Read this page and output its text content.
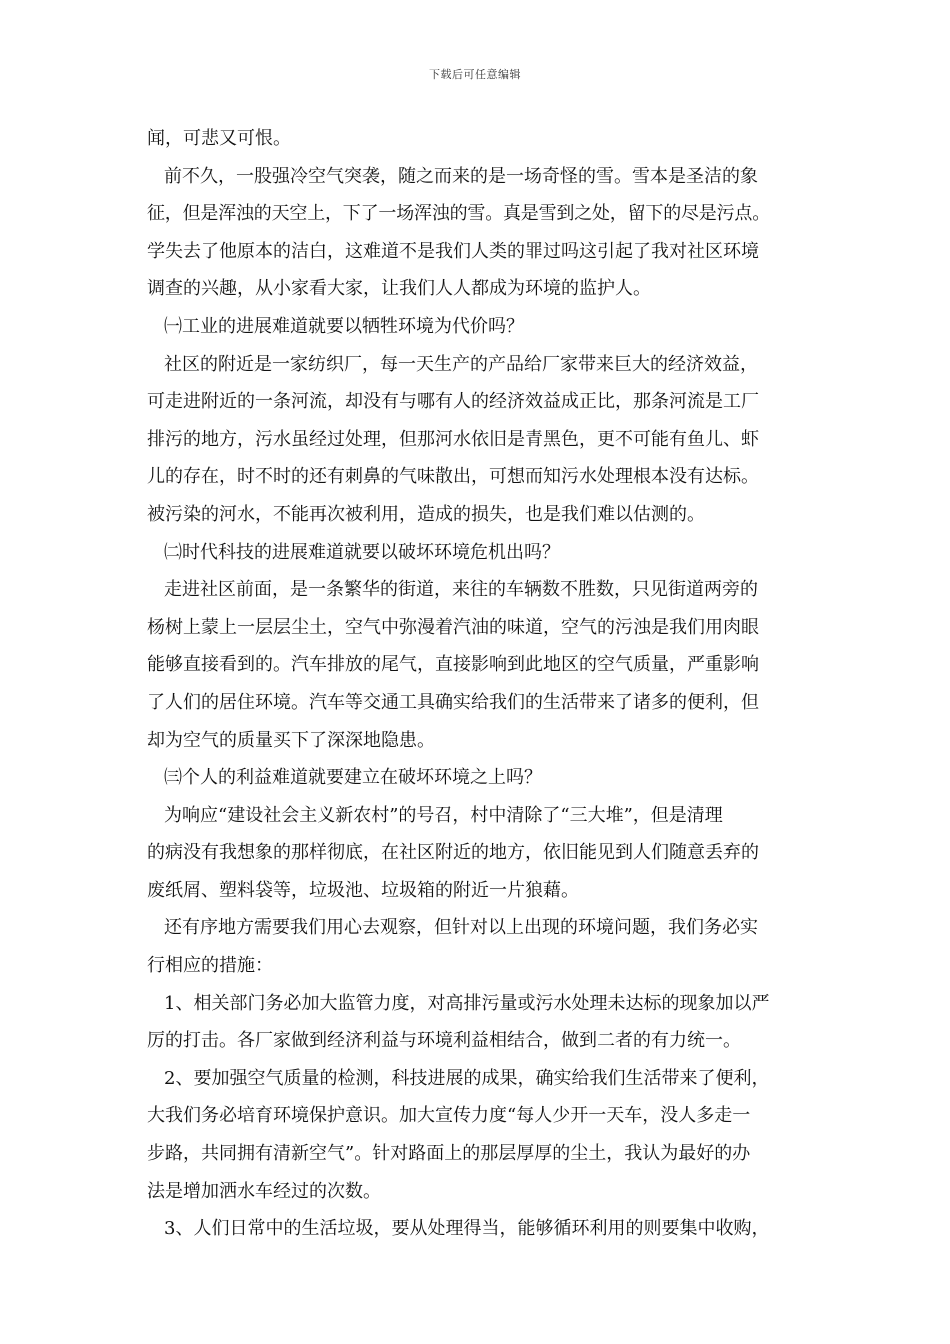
下载后可任意编辑
闻，可悲又可恨。
前不久，一股强冷空气突袭，随之而来的是一场奇怪的雪。雪本是圣洁的象
征，但是浑浊的天空上，下了一场浑浊的雪。真是雪到之处，留下的尽是污点。
学失去了他原本的洁白，这难道不是我们人类的罪过吗这引起了我对社区环境
调查的兴趣，从小家看大家，让我们人人都成为环境的监护人。
㈠工业的进展难道就要以牺牲环境为代价吗？
社区的附近是一家纺织厂，每一天生产的产品给厂家带来巨大的经济效益，
可走进附近的一条河流，却没有与哪有人的经济效益成正比，那条河流是工厂
排污的地方，污水虽经过处理，但那河水依旧是青黑色，更不可能有鱼儿、虾
儿的存在，时不时的还有刺鼻的气味散出，可想而知污水处理根本没有达标。
被污染的河水，不能再次被利用，造成的损失，也是我们难以估测的。
㈡时代科技的进展难道就要以破坏环境危机出吗？
走进社区前面，是一条繁华的街道，来往的车辆数不胜数，只见街道两旁的
杨树上蒙上一层层尘土，空气中弥漫着汽油的味道，空气的污浊是我们用肉眼
能够直接看到的。汽车排放的尾气，直接影响到此地区的空气质量，严重影响
了人们的居住环境。汽车等交通工具确实给我们的生活带来了诸多的便利，但
却为空气的质量买下了深深地隐患。
㈢个人的利益难道就要建立在破坏环境之上吗？
为响应“建设社会主义新农村”的号召，村中清除了“三大堆”，但是清理
的病没有我想象的那样彻底，在社区附近的地方，依旧能见到人们随意丢弃的
废纸屑、塑料袋等，垃圾池、垃圾箱的附近一片狼藉。
还有序地方需要我们用心去观察，但针对以上出现的环境问题，我们务必实
行相应的措施：
1、相关部门务必加大监管力度，对高排污量或污水处理未达标的现象加以严
厉的打击。各厂家做到经济利益与环境利益相结合，做到二者的有力统一。
2、要加强空气质量的检测，科技进展的成果，确实给我们生活带来了便利，
大我们务必培育环境保护意识。加大宣传力度“每人少开一天车，没人多走一
步路，共同拥有清新空气”。针对路面上的那层厚厚的尘土，我认为最好的办
法是增加洒水车经过的次数。
3、人们日常中的生活垃圾，要从处理得当，能够循环利用的则要集中收购，
